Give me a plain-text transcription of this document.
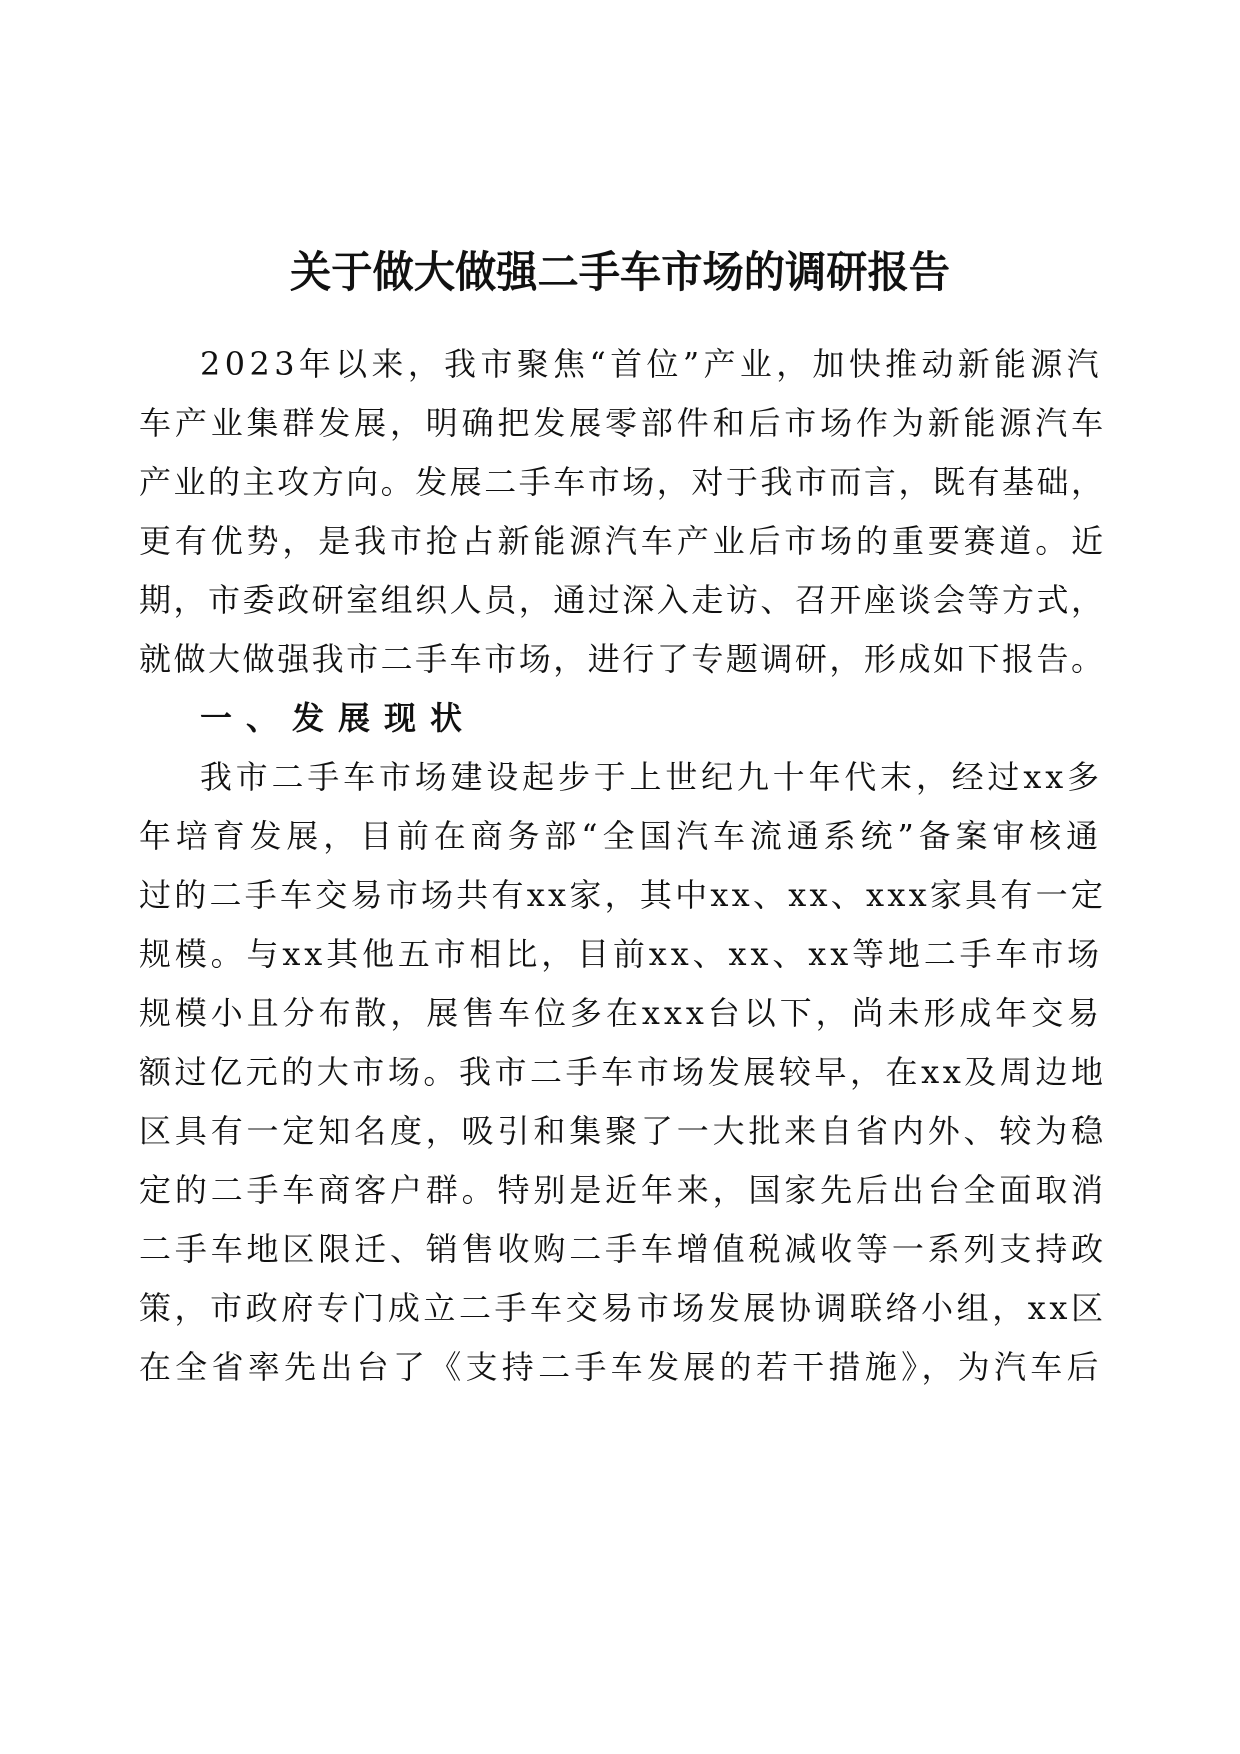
关于做大做强二手车市场的调研报告
2023年以来，我市聚焦“首位”产业，加快推动新能源汽
车产业集群发展，明确把发展零部件和后市场作为新能源汽车
产业的主攻方向。发展二手车市场，对于我市而言，既有基础，
更有优势，是我市抢占新能源汽车产业后市场的重要赛道。近
期，市委政研室组织人员，通过深入走访、召开座谈会等方式，
就做大做强我市二手车市场，进行了专题调研，形成如下报告。
一、发展现状
我市二手车市场建设起步于上世纪九十年代末，经过xx多
年培育发展，目前在商务部“全国汽车流通系统”备案审核通
过的二手车交易市场共有xx家，其中xx、xx、xxx家具有一定
规模。与xx其他五市相比，目前xx、xx、xx等地二手车市场
规模小且分布散，展售车位多在xxx台以下，尚未形成年交易
额过亿元的大市场。我市二手车市场发展较早，在xx及周边地
区具有一定知名度，吸引和集聚了一大批来自省内外、较为稳
定的二手车商客户群。特别是近年来，国家先后出台全面取消
二手车地区限迁、销售收购二手车增值税减收等一系列支持政
策，市政府专门成立二手车交易市场发展协调联络小组，xx区
在全省率先出台了《支持二手车发展的若干措施》，为汽车后
